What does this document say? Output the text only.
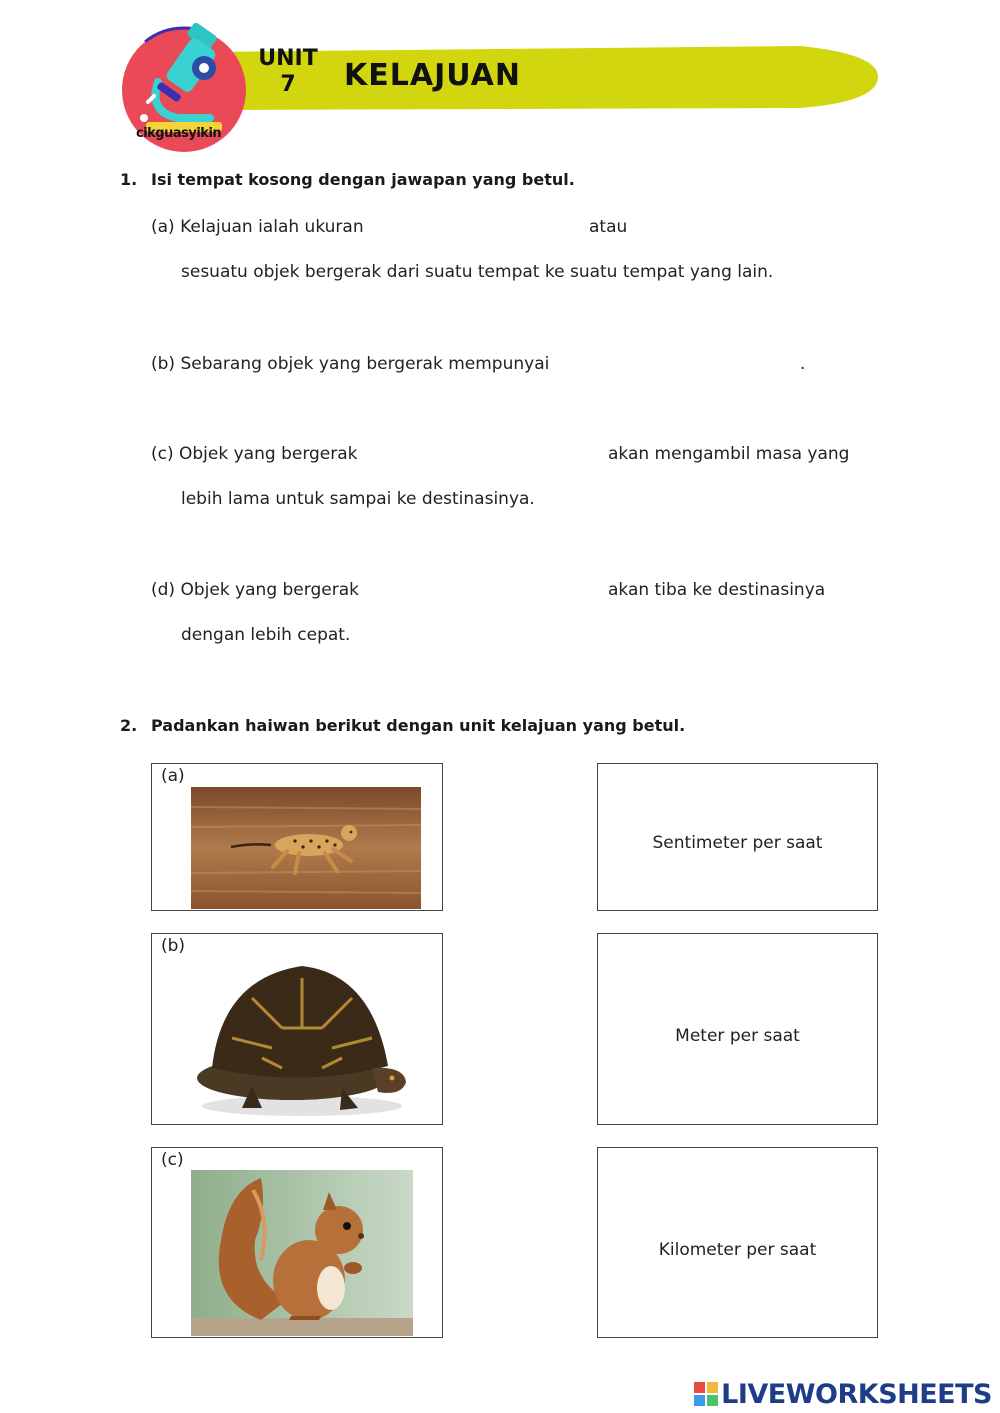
cikguasyikin
UNIT
7	KELAJUAN
1. Isi tempat kosong dengan jawapan yang betul.
(a) Kelajuan ialah ukuran	atau
sesuatu objek bergerak dari suatu tempat ke suatu tempat yang lain.
(b) Sebarang objek yang bergerak mempunyai	.
(c) Objek yang bergerak	akan mengambil masa yang
lebih lama untuk sampai ke destinasinya.
(d) Objek yang bergerak	akan tiba ke destinasinya
dengan lebih cepat.
2. Padankan haiwan berikut dengan unit kelajuan yang betul.
(a)
(b)
(c)
Sentimeter per saat
Meter per saat
Kilometer per saat
LIVEWORKSHEETS
